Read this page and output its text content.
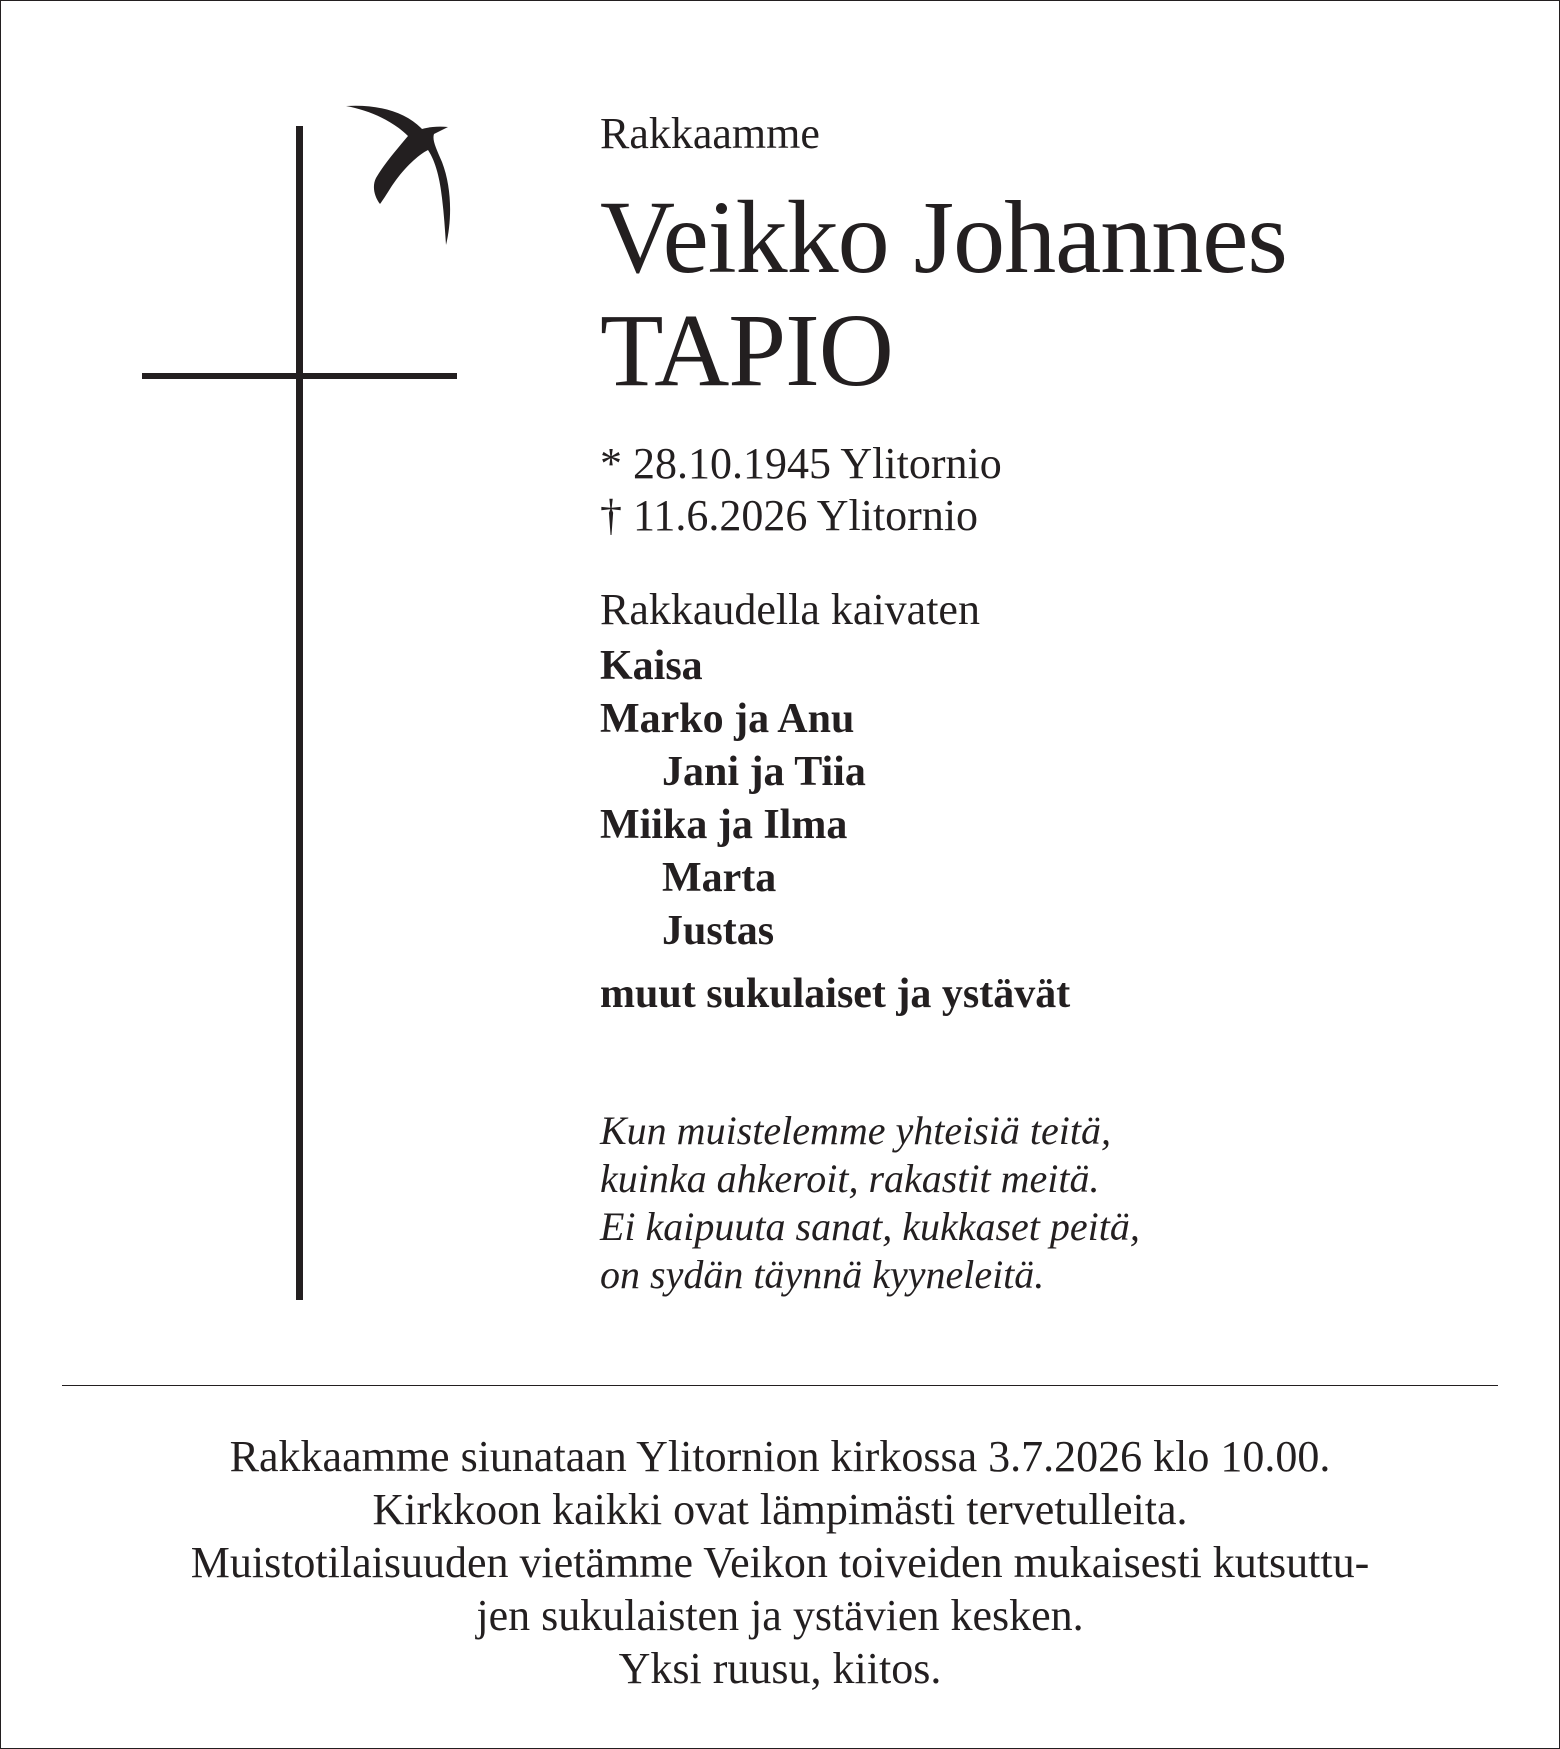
Rakkaamme

Veikko Johannes

TAPIO

* 28.10.1945 Ylitornio
† 11.6.2026 Ylitornio
Rakkaudella kaivaten
Kaisa
Marko ja Anu
Jani ja Tiia
Miika ja Ilma
Marta
Justas
muut sukulaiset ja ystävät
Kun muistelemme yhteisiä teitä,
kuinka ahkeroit, rakastit meitä.
Ei kaipuuta sanat, kukkaset peitä,
on sydän täynnä kyyneleitä.
Rakkaamme siunataan Ylitornion kirkossa 3.7.2026 klo 10.00.
Kirkkoon kaikki ovat lämpimästi tervetulleita.
Muistotilaisuuden vietämme Veikon toiveiden mukaisesti kutsuttu-
jen sukulaisten ja ystävien kesken.
Yksi ruusu, kiitos.
